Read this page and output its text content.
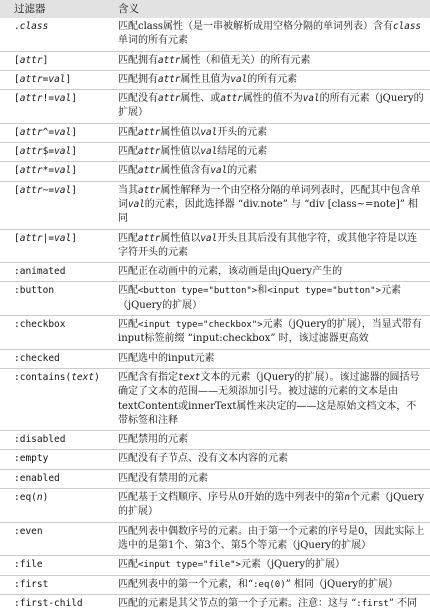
过滤器	含义
.class	匹配class属性（是一串被解析成用空格分隔的单词列表）含有class单词的所有元素
[attr]	匹配拥有attr属性（和值无关）的所有元素
[attr=val]	匹配拥有attr属性且值为val的所有元素
[attr!=val]	匹配没有attr属性、或attr属性的值不为val的所有元素（jQuery的扩展）
[attr^=val]	匹配attr属性值以val开头的元素
[attr$=val]	匹配attr属性值以val结尾的元素
[attr*=val]	匹配attr属性值含有val的元素
[attr~=val]	当其attr属性解释为一个由空格分隔的单词列表时，匹配其中包含单词val的元素，因此选择器 “div.note” 与 “div [class~=note]” 相同
[attr|=val]	匹配attr属性值以val开头且其后没有其他字符，或其他字符是以连字符开头的元素
:animated	匹配正在动画中的元素，该动画是由jQuery产生的
:button	匹配<button type="button">和<input type="button">元素（jQuery的扩展）
:checkbox	匹配<input type="checkbox">元素（jQuery的扩展），当显式带有input标签前缀 “input:checkbox” 时，该过滤器更高效
:checked	匹配选中的input元素
:contains(text)	匹配含有指定text文本的元素（jQuery的扩展）。该过滤器的圆括号确定了文本的范围——无须添加引号。被过滤的元素的文本是由textContent或innerText属性来决定的——这是原始文档文本，不带标签和注释
:disabled	匹配禁用的元素
:empty	匹配没有子节点、没有文本内容的元素
:enabled	匹配没有禁用的元素
:eq(n)	匹配基于文档顺序、序号从0开始的选中列表中的第n个元素（jQuery的扩展）
:even	匹配列表中偶数序号的元素。由于第一个元素的序号是0，因此实际上选中的是第1个、第3个、第5个等元素（jQuery的扩展）
:file	匹配<input type="file">元素（jQuery的扩展）
:first	匹配列表中的第一个元素，和“:eq(0)” 相同（jQuery的扩展）
:first-child	匹配的元素是其父节点的第一个子元素。注意：这与 “:first” 不同
